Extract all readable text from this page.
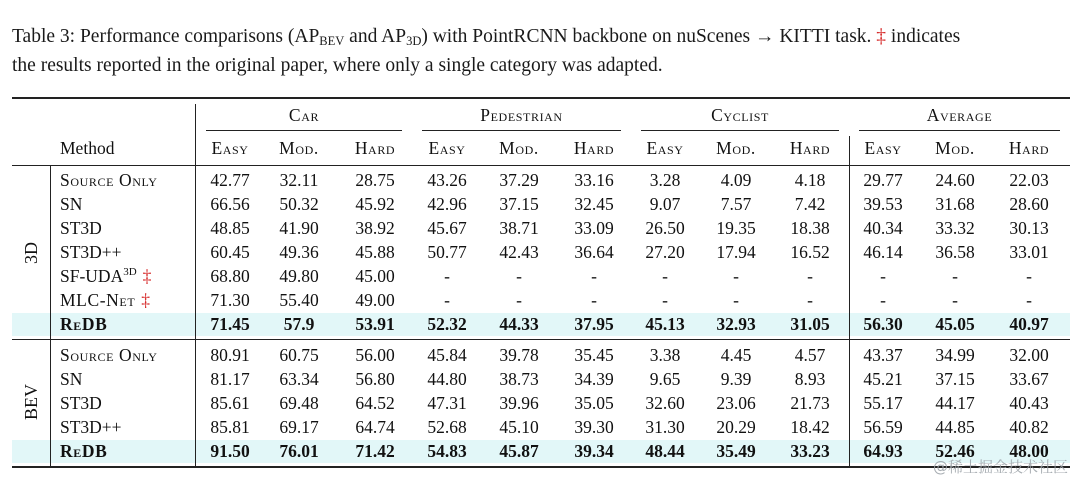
Table 3: Performance comparisons ($AP_{BEV}$ and $AP_{3D}$) with PointRCNN backbone on nuScenes → KITTI task. ‡ indicates
the results reported in the original paper, where only a single category was adapted.
Car	Pedestrian	Cyclist	Average
Method	Easy	Mod.	Hard	Easy	Mod.	Hard	Easy	Mod.	Hard	Easy	Mod.	Hard
3D
BEV
Source Only	42.77	32.11	28.75	43.26	37.29	33.16	3.28	4.09	4.18	29.77	24.60	22.03
SN	66.56	50.32	45.92	42.96	37.15	32.45	9.07	7.57	7.42	39.53	31.68	28.60
ST3D	48.85	41.90	38.92	45.67	38.71	33.09	26.50	19.35	18.38	40.34	33.32	30.13
ST3D++	60.45	49.36	45.88	50.77	42.43	36.64	27.20	17.94	16.52	46.14	36.58	33.01
$SF-UDA^{3D}$ ‡	68.80	49.80	45.00	-	-	-	-	-	-	-	-	-
MLC-Net ‡	71.30	55.40	49.00	-	-	-	-	-	-	-	-	-
ReDB	71.45	57.9	53.91	52.32	44.33	37.95	45.13	32.93	31.05	56.30	45.05	40.97
Source Only	80.91	60.75	56.00	45.84	39.78	35.45	3.38	4.45	4.57	43.37	34.99	32.00
SN	81.17	63.34	56.80	44.80	38.73	34.39	9.65	9.39	8.93	45.21	37.15	33.67
ST3D	85.61	69.48	64.52	47.31	39.96	35.05	32.60	23.06	21.73	55.17	44.17	40.43
ST3D++	85.81	69.17	64.74	52.68	45.10	39.30	31.30	20.29	18.42	56.59	44.85	40.82
ReDB	91.50	76.01	71.42	54.83	45.87	39.34	48.44	35.49	33.23	64.93	52.46	48.00
@稀土掘金技术社区
